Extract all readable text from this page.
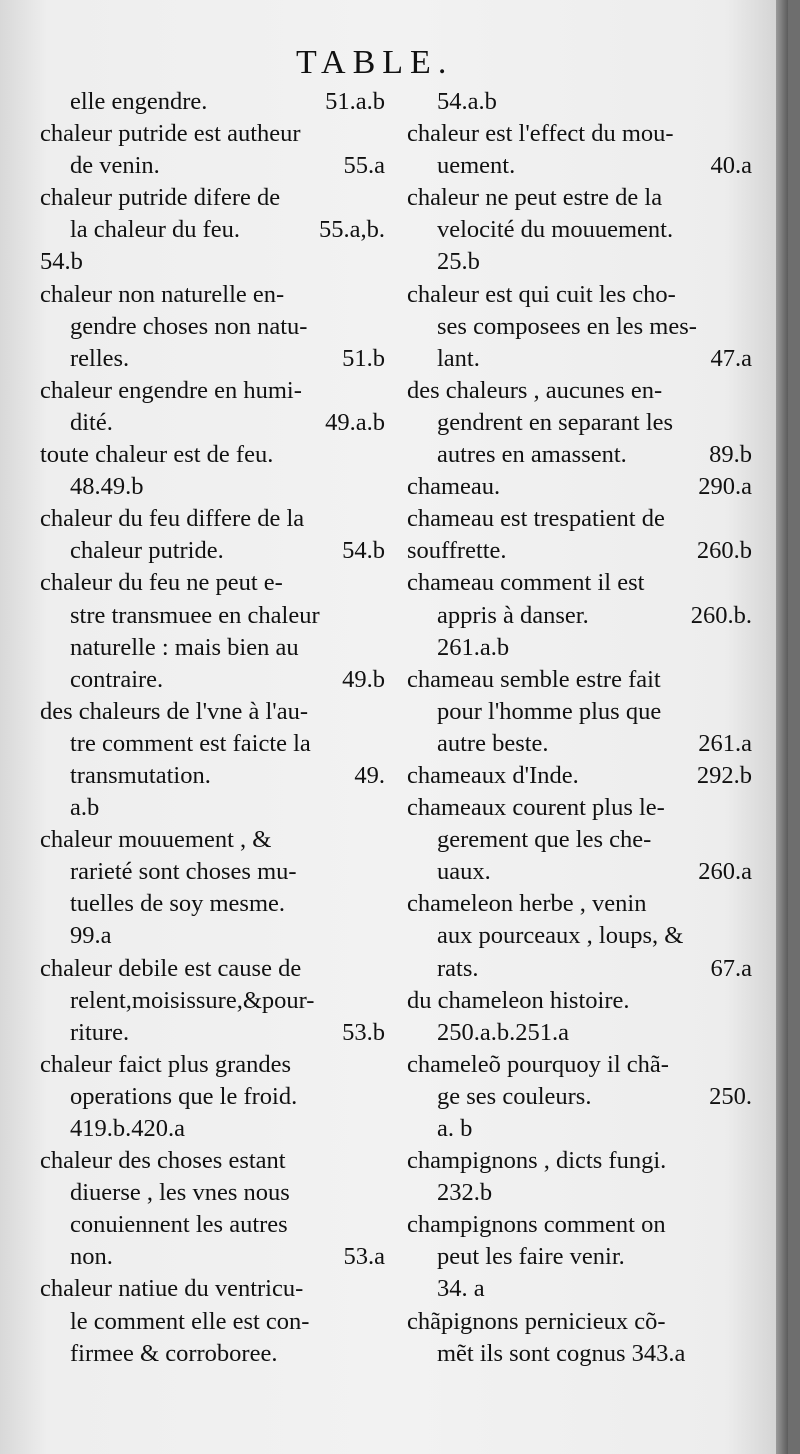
TABLE.
elle engendre.	51.a.b
chaleur putride est autheur
de venin.	55.a
chaleur putride difere de
la chaleur du feu.	55.a,b.
54.b
chaleur non naturelle en-
gendre choses non natu-
relles.	51.b
chaleur engendre en humi-
dité.	49.a.b
toute chaleur est de feu.
48.49.b
chaleur du feu differe de la
chaleur putride.	54.b
chaleur du feu ne peut e-
stre transmuee en chaleur
naturelle : mais bien au
contraire.	49.b
des chaleurs de l'vne à l'au-
tre comment est faicte la
transmutation.	49.
a.b
chaleur mouuement , &
rarieté sont choses mu-
tuelles de soy mesme.
99.a
chaleur debile est cause de
relent,moisissure,&pour-
riture.	53.b
chaleur faict plus grandes
operations que le froid.
419.b.420.a
chaleur des choses estant
diuerse , les vnes nous
conuiennent les autres
non.	53.a
chaleur natiue du ventricu-
le comment elle est con-
firmee & corroboree.
54.a.b
chaleur est l'effect du mou-
uement.	40.a
chaleur ne peut estre de la
velocité du mouuement.
25.b
chaleur est qui cuit les cho-
ses composees en les mes-
lant.	47.a
des chaleurs , aucunes en-
gendrent en separant les
autres en amassent.	89.b
chameau.	290.a
chameau est trespatient de
souffrette.	260.b
chameau comment il est
appris à danser.	260.b.
261.a.b
chameau semble estre fait
pour l'homme plus que
autre beste.	261.a
chameaux d'Inde.	292.b
chameaux courent plus le-
gerement que les che-
uaux.	260.a
chameleon herbe , venin
aux pourceaux , loups, &
rats.	67.a
du chameleon histoire.
250.a.b.251.a
chameleõ pourquoy il chã-
ge ses couleurs.	250.
a. b
champignons , dicts fungi.
232.b
champignons comment on
peut les faire venir.
34. a
chãpignons pernicieux cõ-
mẽt ils sont cognus 343.a
